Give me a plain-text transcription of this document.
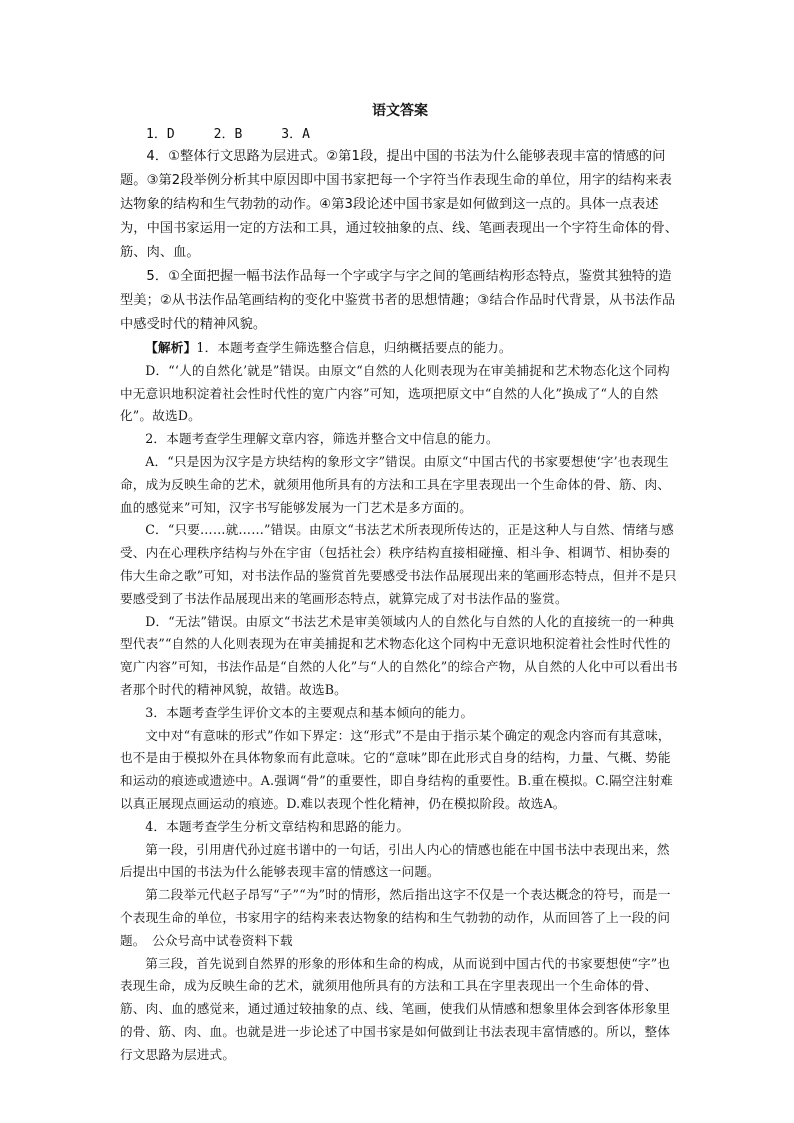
语文答案

1．D　　　2．B　　　3．A

4．①整体行文思路为层进式。②第1段，提出中国的书法为什么能够表现丰富的情感的问题。③第2段举例分析其中原因即中国书家把每一个字符当作表现生命的单位，用字的结构来表达物象的结构和生气勃勃的动作。④第3段论述中国书家是如何做到这一点的。具体一点表述为，中国书家运用一定的方法和工具，通过较抽象的点、线、笔画表现出一个字符生命体的骨、筋、肉、血。

5．①全面把握一幅书法作品每一个字或字与字之间的笔画结构形态特点，鉴赏其独特的造型美；②从书法作品笔画结构的变化中鉴赏书者的思想情趣；③结合作品时代背景，从书法作品中感受时代的精神风貌。

【解析】1．本题考查学生筛选整合信息，归纳概括要点的能力。

D．“‘人的自然化’就是”错误。由原文“自然的人化则表现为在审美捕捉和艺术物态化这个同构中无意识地积淀着社会性时代性的宽广内容”可知，选项把原文中“自然的人化”换成了“人的自然化”。故选D。

2．本题考查学生理解文章内容，筛选并整合文中信息的能力。

A．“只是因为汉字是方块结构的象形文字”错误。由原文“中国古代的书家要想使‘字’也表现生命，成为反映生命的艺术，就须用他所具有的方法和工具在字里表现出一个生命体的骨、筋、肉、血的感觉来”可知，汉字书写能够发展为一门艺术是多方面的。

C．“只要……就……”错误。由原文“书法艺术所表现所传达的，正是这种人与自然、情绪与感受、内在心理秩序结构与外在宇宙（包括社会）秩序结构直接相碰撞、相斗争、相调节、相协奏的伟大生命之歌”可知，对书法作品的鉴赏首先要感受书法作品展现出来的笔画形态特点，但并不是只要感受到了书法作品展现出来的笔画形态特点，就算完成了对书法作品的鉴赏。

D．“无法”错误。由原文“书法艺术是审美领域内人的自然化与自然的人化的直接统一的一种典型代表”“自然的人化则表现为在审美捕捉和艺术物态化这个同构中无意识地积淀着社会性时代性的宽广内容”可知，书法作品是“自然的人化”与“人的自然化”的综合产物，从自然的人化中可以看出书者那个时代的精神风貌，故错。故选B。

3．本题考查学生评价文本的主要观点和基本倾向的能力。

文中对“有意味的形式”作如下界定：这“形式”不是由于指示某个确定的观念内容而有其意味，也不是由于模拟外在具体物象而有此意味。它的“意味”即在此形式自身的结构，力量、气概、势能和运动的痕迹或遗迹中。A.强调“骨”的重要性，即自身结构的重要性。B.重在模拟。C.隔空注射难以真正展现点画运动的痕迹。D.难以表现个性化精神，仍在模拟阶段。故选A。

4．本题考查学生分析文章结构和思路的能力。

第一段，引用唐代孙过庭书谱中的一句话，引出人内心的情感也能在中国书法中表现出来，然后提出中国的书法为什么能够表现丰富的情感这一问题。

第二段举元代赵子昂写“子”“为”时的情形，然后指出这字不仅是一个表达概念的符号，而是一个表现生命的单位，书家用字的结构来表达物象的结构和生气勃勃的动作，从而回答了上一段的问题。　公众号高中试卷资料下载

第三段，首先说到自然界的形象的形体和生命的构成，从而说到中国古代的书家要想使“字”也表现生命，成为反映生命的艺术，就须用他所具有的方法和工具在字里表现出一个生命体的骨、筋、肉、血的感觉来，通过通过较抽象的点、线、笔画，使我们从情感和想象里体会到客体形象里的骨、筋、肉、血。也就是进一步论述了中国书家是如何做到让书法表现丰富情感的。所以，整体行文思路为层进式。
